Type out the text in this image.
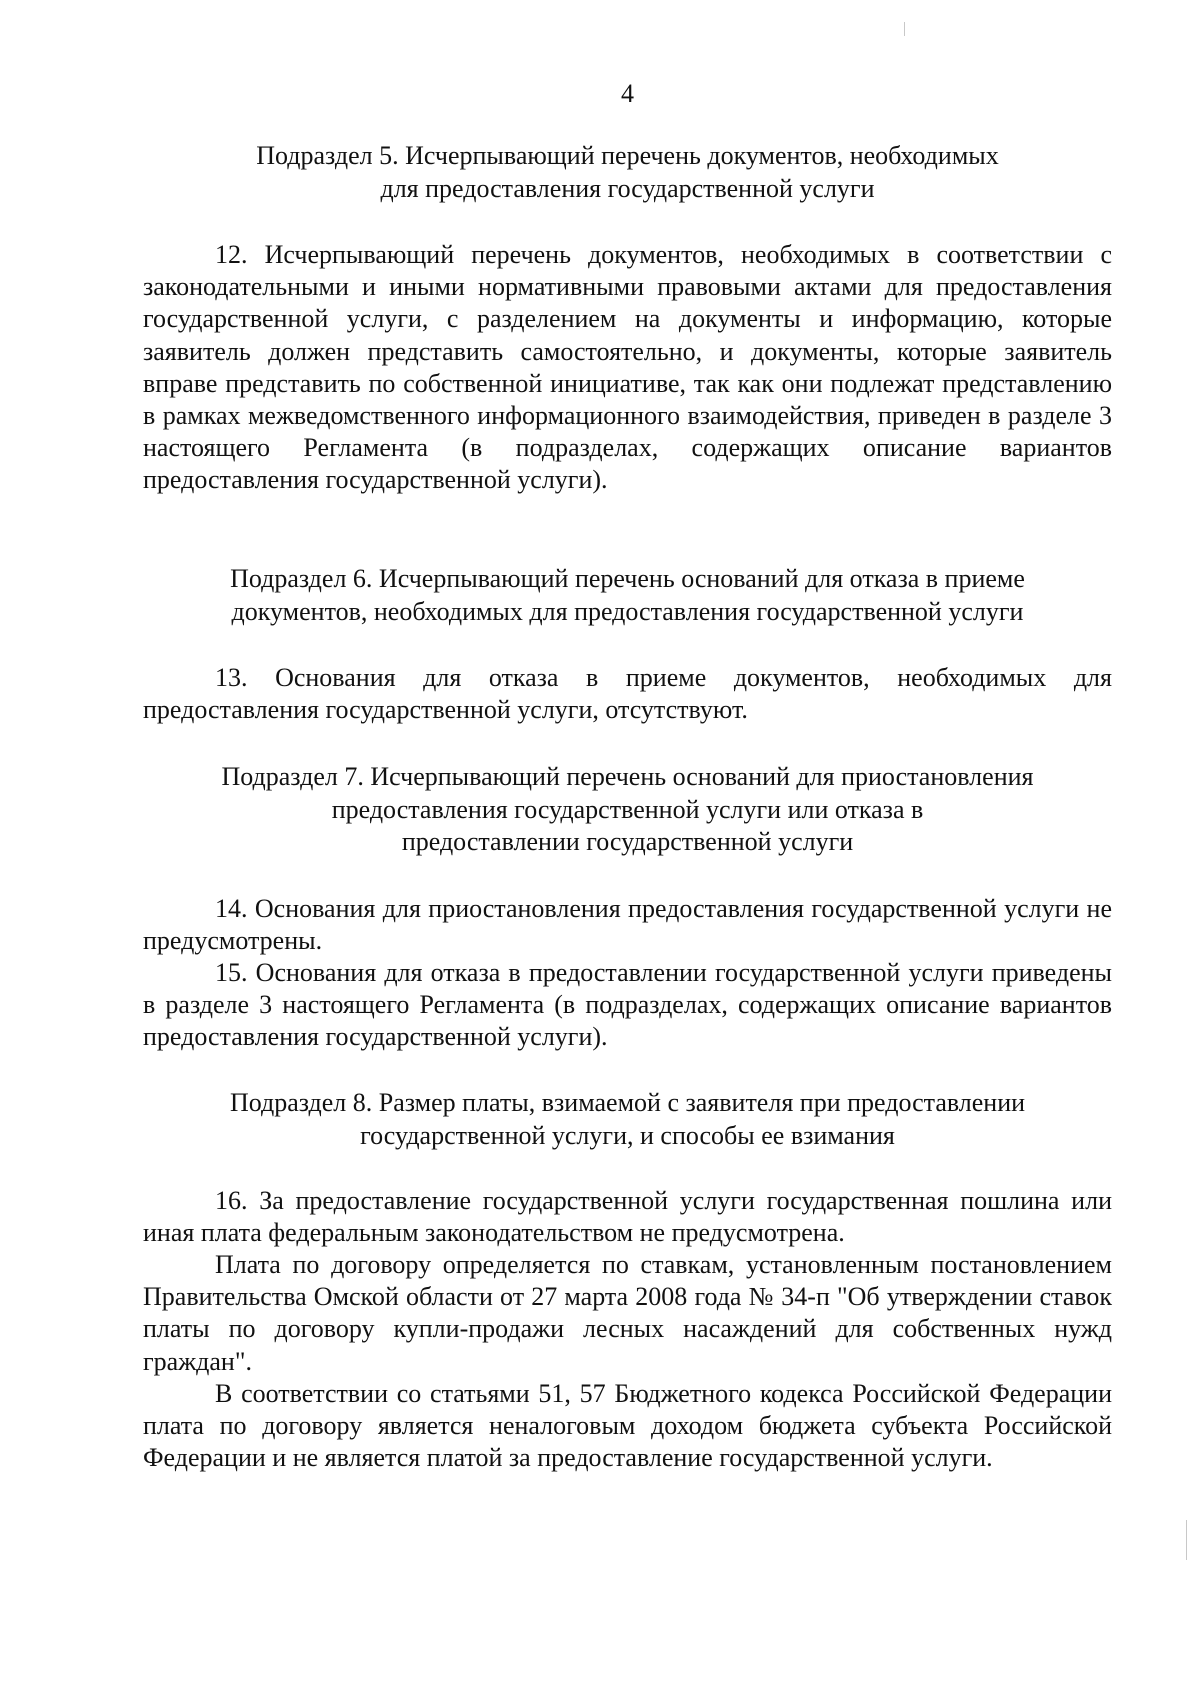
4
Подраздел 5. Исчерпывающий перечень документов, необходимых
для предоставления государственной услуги

12. Исчерпывающий перечень документов, необходимых в соответствии с законодательными и иными нормативными правовыми актами для предоставления государственной услуги, с разделением на документы и информацию, которые заявитель должен представить самостоятельно, и документы, которые заявитель вправе представить по собственной инициативе, так как они подлежат представлению в рамках межведомственного информационного взаимодействия, приведен в разделе 3 настоящего Регламента (в подразделах, содержащих описание вариантов предоставления государственной услуги).

Подраздел 6. Исчерпывающий перечень оснований для отказа в приеме
документов, необходимых для предоставления государственной услуги

13. Основания для отказа в приеме документов, необходимых для предоставления государственной услуги, отсутствуют.

Подраздел 7. Исчерпывающий перечень оснований для приостановления
предоставления государственной услуги или отказа в
предоставлении государственной услуги

14. Основания для приостановления предоставления государственной услуги не предусмотрены.

15. Основания для отказа в предоставлении государственной услуги приведены в разделе 3 настоящего Регламента (в подразделах, содержащих описание вариантов предоставления государственной услуги).

Подраздел 8. Размер платы, взимаемой с заявителя при предоставлении
государственной услуги, и способы ее взимания

16. За предоставление государственной услуги государственная пошлина или иная плата федеральным законодательством не предусмотрена.

Плата по договору определяется по ставкам, установленным постановлением Правительства Омской области от 27 марта 2008 года № 34-п "Об утверждении ставок платы по договору купли-продажи лесных насаждений для собственных нужд граждан".

В соответствии со статьями 51, 57 Бюджетного кодекса Российской Федерации плата по договору является неналоговым доходом бюджета субъекта Российской Федерации и не является платой за предоставление государственной услуги.
